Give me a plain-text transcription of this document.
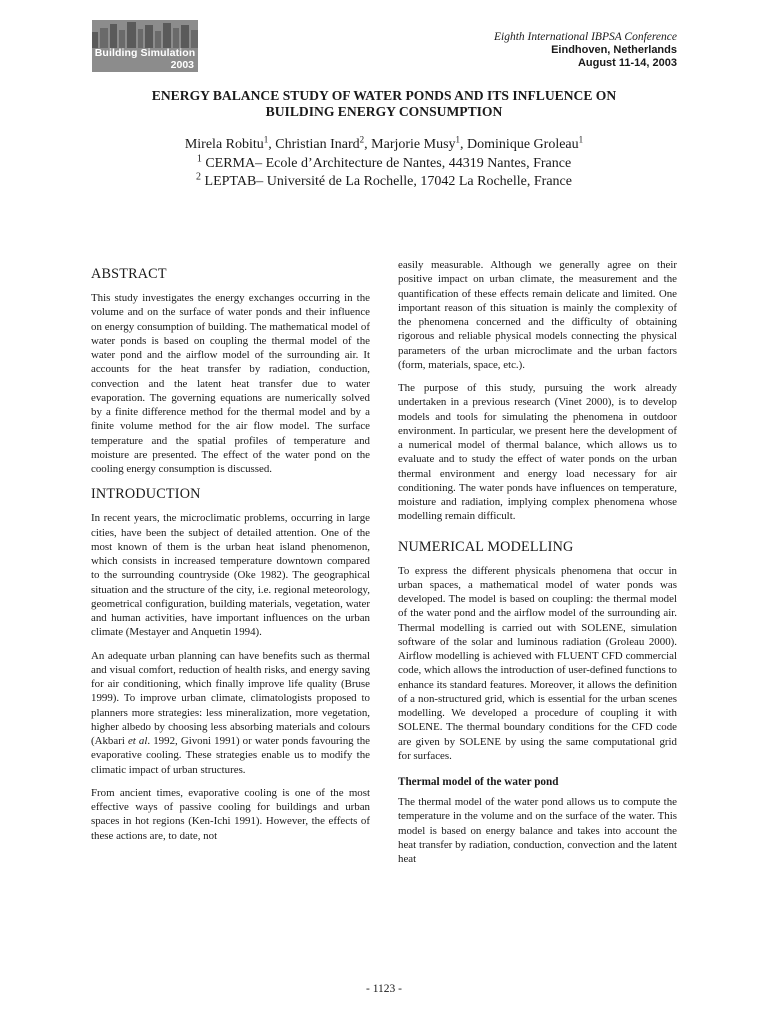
Building Simulation
2003
Eighth International IBPSA Conference
Eindhoven, Netherlands
August 11-14, 2003
ENERGY BALANCE STUDY OF WATER PONDS AND ITS INFLUENCE ON
BUILDING ENERGY CONSUMPTION
Mirela Robitu$^1$, Christian Inard$^2$, Marjorie Musy$^1$, Dominique Groleau$^1$
$^1$ CERMA– Ecole d’Architecture de Nantes, 44319 Nantes, France
$^2$ LEPTAB– Université de La Rochelle, 17042 La Rochelle, France
ABSTRACT

This study investigates the energy exchanges occurring in the volume and on the surface of water ponds and their influence on energy consumption of building. The mathematical model of water ponds is based on coupling the thermal model of the water pond and the airflow model of the surrounding air. It accounts for the heat transfer by radiation, conduction, convection and the latent heat transfer due to water evaporation. The governing equations are numerically solved by a finite difference method for the thermal model and by a finite volume method for the air flow model. The surface temperature and the spatial profiles of temperature and moisture are presented. The effect of the water pond on the cooling energy consumption is discussed.

INTRODUCTION

In recent years, the microclimatic problems, occurring in large cities, have been the subject of detailed attention. One of the most known of them is the urban heat island phenomenon, which consists in increased temperature downtown compared to the surrounding countryside (Oke 1982). The geographical situation and the structure of the city, i.e. regional meteorology, geometrical configuration, building materials, vegetation, water and human activities, have important influences on the urban climate (Mestayer and Anquetin 1994).

An adequate urban planning can have benefits such as thermal and visual comfort, reduction of health risks, and energy saving for air conditioning, which finally improve life quality (Bruse 1999). To improve urban climate, climatologists proposed to planners more strategies: less mineralization, more vegetation, higher albedo by choosing less absorbing materials and colours (Akbari et al. 1992, Givoni 1991) or water ponds favouring the evaporative cooling. These strategies enable us to modify the climatic impact of urban structures.

From ancient times, evaporative cooling is one of the most effective ways of passive cooling for buildings and urban spaces in hot regions (Ken-Ichi 1991). However, the effects of these actions are, to date, not

easily measurable. Although we generally agree on their positive impact on urban climate, the measurement and the quantification of these effects remain delicate and limited. One important reason of this situation is mainly the complexity of the phenomena concerned and the difficulty of obtaining rigorous and reliable physical models connecting the physical parameters of the urban microclimate and the urban factors (form, materials, space, etc.).

The purpose of this study, pursuing the work already undertaken in a previous research (Vinet 2000), is to develop models and tools for simulating the phenomena in outdoor environment. In particular, we present here the development of a numerical model of thermal balance, which allows us to evaluate and to study the effect of water ponds on the urban thermal environment and energy load necessary for air conditioning. The water ponds have influences on temperature, moisture and radiation, implying complex phenomena whose modelling remain difficult.

NUMERICAL MODELLING

To express the different physicals phenomena that occur in urban spaces, a mathematical model of water ponds was developed. The model is based on coupling: the thermal model of the water pond and the airflow model of the surrounding air. Thermal modelling is carried out with SOLENE, simulation software of the solar and luminous radiation (Groleau 2000). Airflow modelling is achieved with FLUENT CFD commercial code, which allows the introduction of user-defined functions to enhance its standard features. Moreover, it allows the definition of a non-structured grid, which is essential for the urban scenes modelling. We developed a procedure of coupling it with SOLENE. The thermal boundary conditions for the CFD code are given by SOLENE by using the same computational grid for surfaces.

Thermal model of the water pond

The thermal model of the water pond allows us to compute the temperature in the volume and on the surface of the water. This model is based on energy balance and takes into account the heat transfer by radiation, conduction, convection and the latent heat

- 1123 -
